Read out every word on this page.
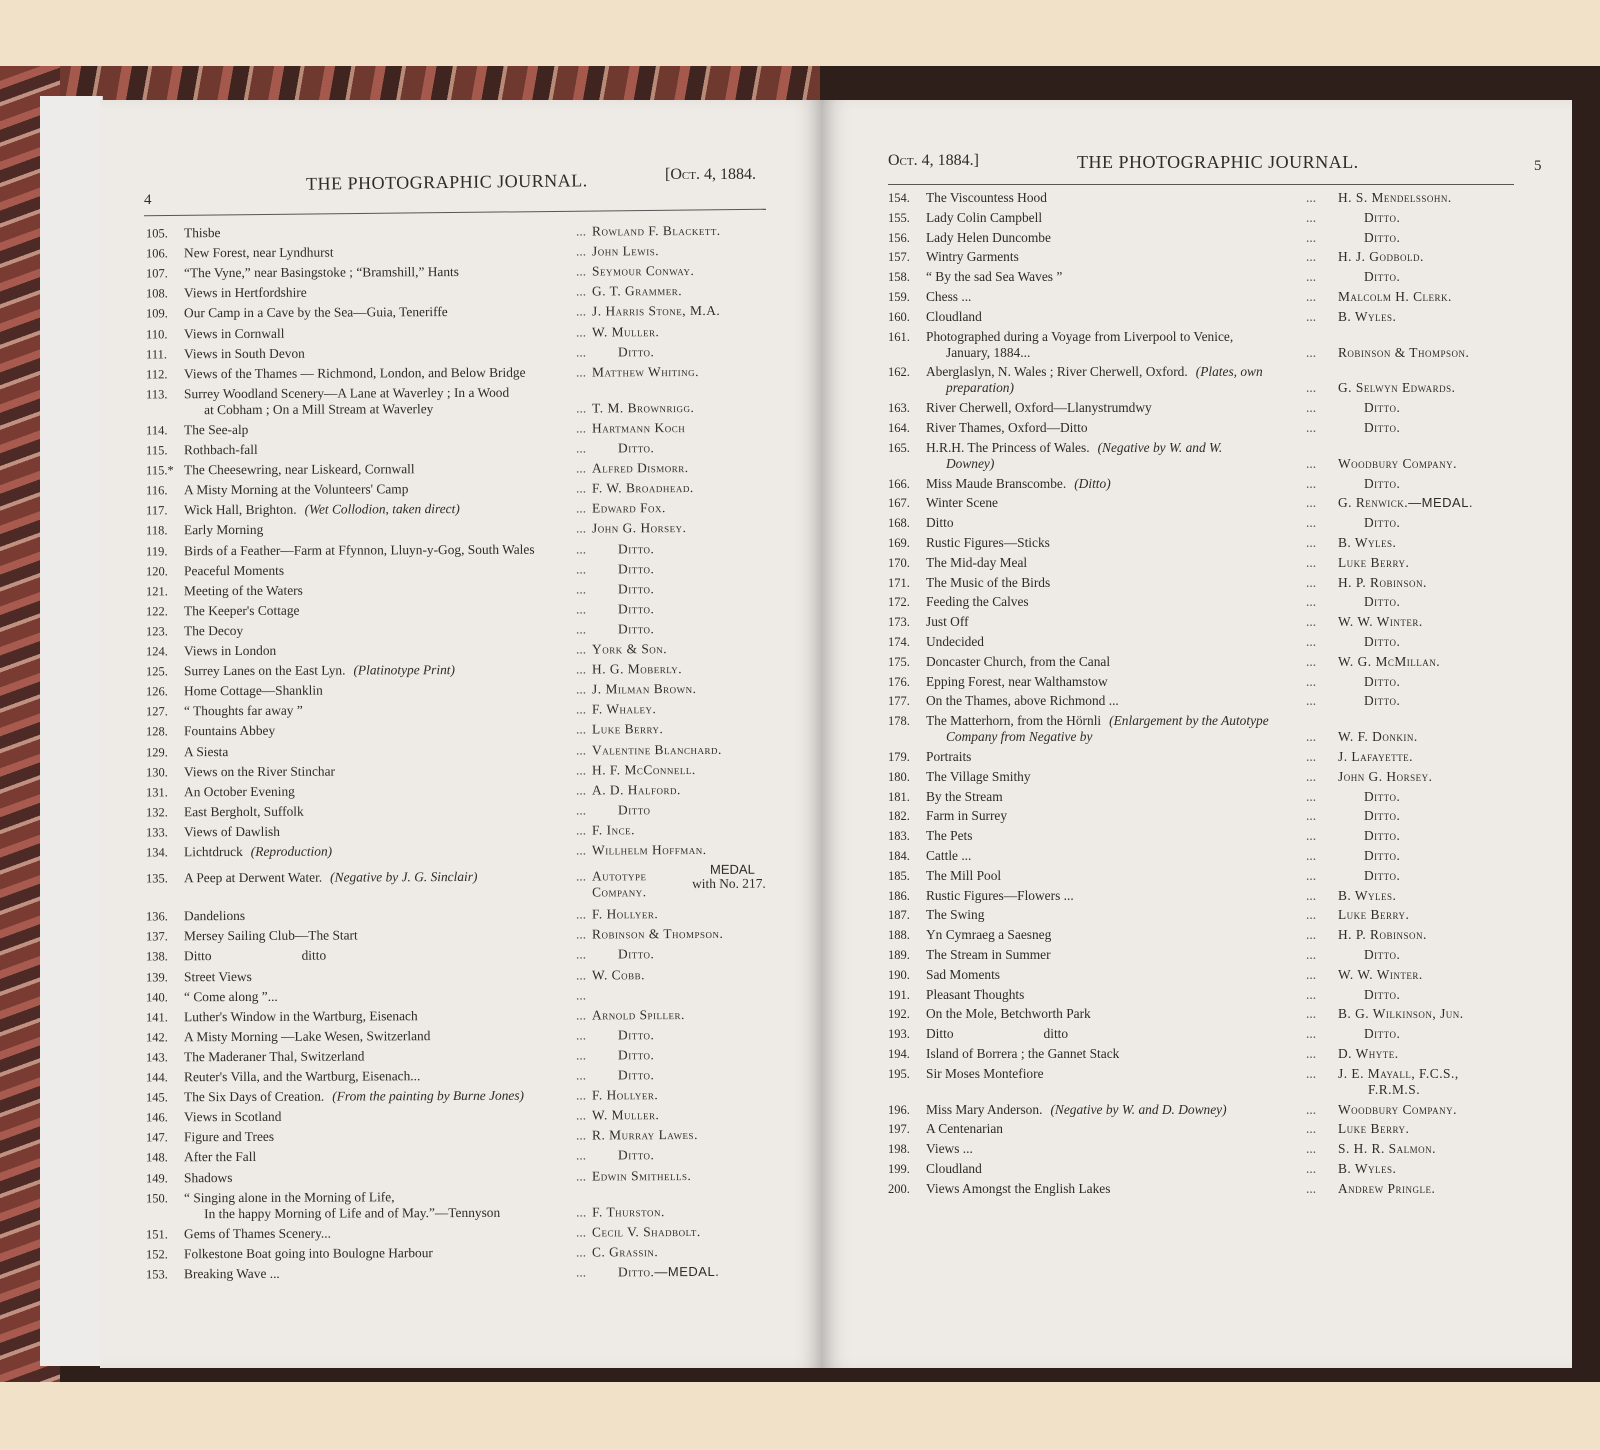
4
THE PHOTOGRAPHIC JOURNAL.	[Oct. 4, 1884.
105.	Thisbe	... Rowland F. Blackett.
106.	New Forest, near Lyndhurst	... John Lewis.
107.	“The Vyne,” near Basingstoke ; “Bramshill,” Hants	... Seymour Conway.
108.	Views in Hertfordshire	... G. T. Grammer.
109.	Our Camp in a Cave by the Sea—Guia, Teneriffe	... J. Harris Stone, M.A.
110.	Views in Cornwall	... W. Muller.
111.	Views in South Devon	... Ditto.
112.	Views of the Thames — Richmond, London, and Below Bridge	... Matthew Whiting.
113.	Surrey Woodland Scenery—A Lane at Waverley ; In a Wood
at Cobham ; On a Mill Stream at Waverley	... T. M. Brownrigg.
114.	The See-alp	... Hartmann Koch
115.	Rothbach-fall	... Ditto.
115.* The Cheesewring, near Liskeard, Cornwall	... Alfred Dismorr.
116.	A Misty Morning at the Volunteers' Camp	... F. W. Broadhead.
117.	Wick Hall, Brighton. (Wet Collodion, taken direct)	... Edward Fox.
118.	Early Morning	... John G. Horsey.
119.	Birds of a Feather—Farm at Ffynnon, Lluyn-y-Gog, South Wales	... Ditto.
120.	Peaceful Moments	... Ditto.
121.	Meeting of the Waters	... Ditto.
122.	The Keeper's Cottage	... Ditto.
123.	The Decoy	... Ditto.
124.	Views in London	... York & Son.
125.	Surrey Lanes on the East Lyn. (Platinotype Print)	... H. G. Moberly.
126.	Home Cottage—Shanklin	... J. Milman Brown.
127.	“ Thoughts far away ”	... F. Whaley.
128.	Fountains Abbey	... Luke Berry.
129.	A Siesta	... Valentine Blanchard.
130.	Views on the River Stinchar	... H. F. McConnell.
131.	An October Evening	... A. D. Halford.
132.	East Bergholt, Suffolk	... Ditto
133.	Views of Dawlish	... F. Ince.
134.	Lichtdruck (Reproduction)	... Willhelm Hoffman.
135.	A Peep at Derwent Water. (Negative by J. G. Sinclair)	... Autotype
Company.
MEDAL
with No. 217.
136.	Dandelions	... F. Hollyer.
137.	Mersey Sailing Club—The Start	... Robinson & Thompson.
138.	Ditto	ditto	... Ditto.
139.	Street Views	... W. Cobb.
140.	“ Come along ”...	...
141.	Luther's Window in the Wartburg, Eisenach	... Arnold Spiller.
142.	A Misty Morning —Lake Wesen, Switzerland	... Ditto.
143.	The Maderaner Thal, Switzerland	... Ditto.
144.	Reuter's Villa, and the Wartburg, Eisenach...	... Ditto.
145.	The Six Days of Creation. (From the painting by Burne Jones)	... F. Hollyer.
146.	Views in Scotland	... W. Muller.
147.	Figure and Trees	... R. Murray Lawes.
148.	After the Fall	... Ditto.
149.	Shadows	... Edwin Smithells.
150.	“ Singing alone in the Morning of Life,
In the happy Morning of Life and of May.”—Tennyson	... F. Thurston.
151.	Gems of Thames Scenery...	... Cecil V. Shadbolt.
152.	Folkestone Boat going into Boulogne Harbour	... C. Grassin.
153.	Breaking Wave ...	... Ditto.—MEDAL.
Oct. 4, 1884.]	THE PHOTOGRAPHIC JOURNAL.	5
154.	The Viscountess Hood	... H. S. Mendelssohn.
155.	Lady Colin Campbell	...	Ditto.
156.	Lady Helen Duncombe	...	Ditto.
157.	Wintry Garments	... H. J. Godbold.
158.	“ By the sad Sea Waves ”	...	Ditto.
159.	Chess ...	... Malcolm H. Clerk.
160.	Cloudland	... B. Wyles.
161.	Photographed during a Voyage from Liverpool to Venice,
January, 1884...	... Robinson & Thompson.
162.	Aberglaslyn, N. Wales ; River Cherwell, Oxford. (Plates, own
preparation)	... G. Selwyn Edwards.
163.	River Cherwell, Oxford—Llanystrumdwy	...	Ditto.
164.	River Thames, Oxford—Ditto	...	Ditto.
165.	H.R.H. The Princess of Wales. (Negative by W. and W.
Downey)	... Woodbury Company.
166.	Miss Maude Branscombe. (Ditto)	...	Ditto.
167.	Winter Scene	... G. Renwick.—MEDAL.
168.	Ditto	...	Ditto.
169.	Rustic Figures—Sticks	... B. Wyles.
170.	The Mid-day Meal	... Luke Berry.
171.	The Music of the Birds	... H. P. Robinson.
172.	Feeding the Calves	...	Ditto.
173.	Just Off	... W. W. Winter.
174.	Undecided	...	Ditto.
175.	Doncaster Church, from the Canal	... W. G. McMillan.
176.	Epping Forest, near Walthamstow	...	Ditto.
177.	On the Thames, above Richmond ...	...	Ditto.
178.	The Matterhorn, from the Hörnli (Enlargement by the Autotype
Company from Negative by	... W. F. Donkin.
179.	Portraits	... J. Lafayette.
180.	The Village Smithy	... John G. Horsey.
181.	By the Stream	...	Ditto.
182.	Farm in Surrey	...	Ditto.
183.	The Pets	...	Ditto.
184.	Cattle ...	...	Ditto.
185.	The Mill Pool	...	Ditto.
186.	Rustic Figures—Flowers ...	... B. Wyles.
187.	The Swing	... Luke Berry.
188.	Yn Cymraeg a Saesneg	... H. P. Robinson.
189.	The Stream in Summer	...	Ditto.
190.	Sad Moments	... W. W. Winter.
191.	Pleasant Thoughts	...	Ditto.
192.	On the Mole, Betchworth Park	... B. G. Wilkinson, Jun.
193.	Ditto	ditto	...	Ditto.
194.	Island of Borrera ; the Gannet Stack	... D. Whyte.
195.	Sir Moses Montefiore	... J. E. Mayall, F.C.S.,
F.R.M.S.
196.	Miss Mary Anderson. (Negative by W. and D. Downey)	... Woodbury Company.
197.	A Centenarian	... Luke Berry.
198.	Views ...	... S. H. R. Salmon.
199.	Cloudland	... B. Wyles.
200.	Views Amongst the English Lakes	... Andrew Pringle.
